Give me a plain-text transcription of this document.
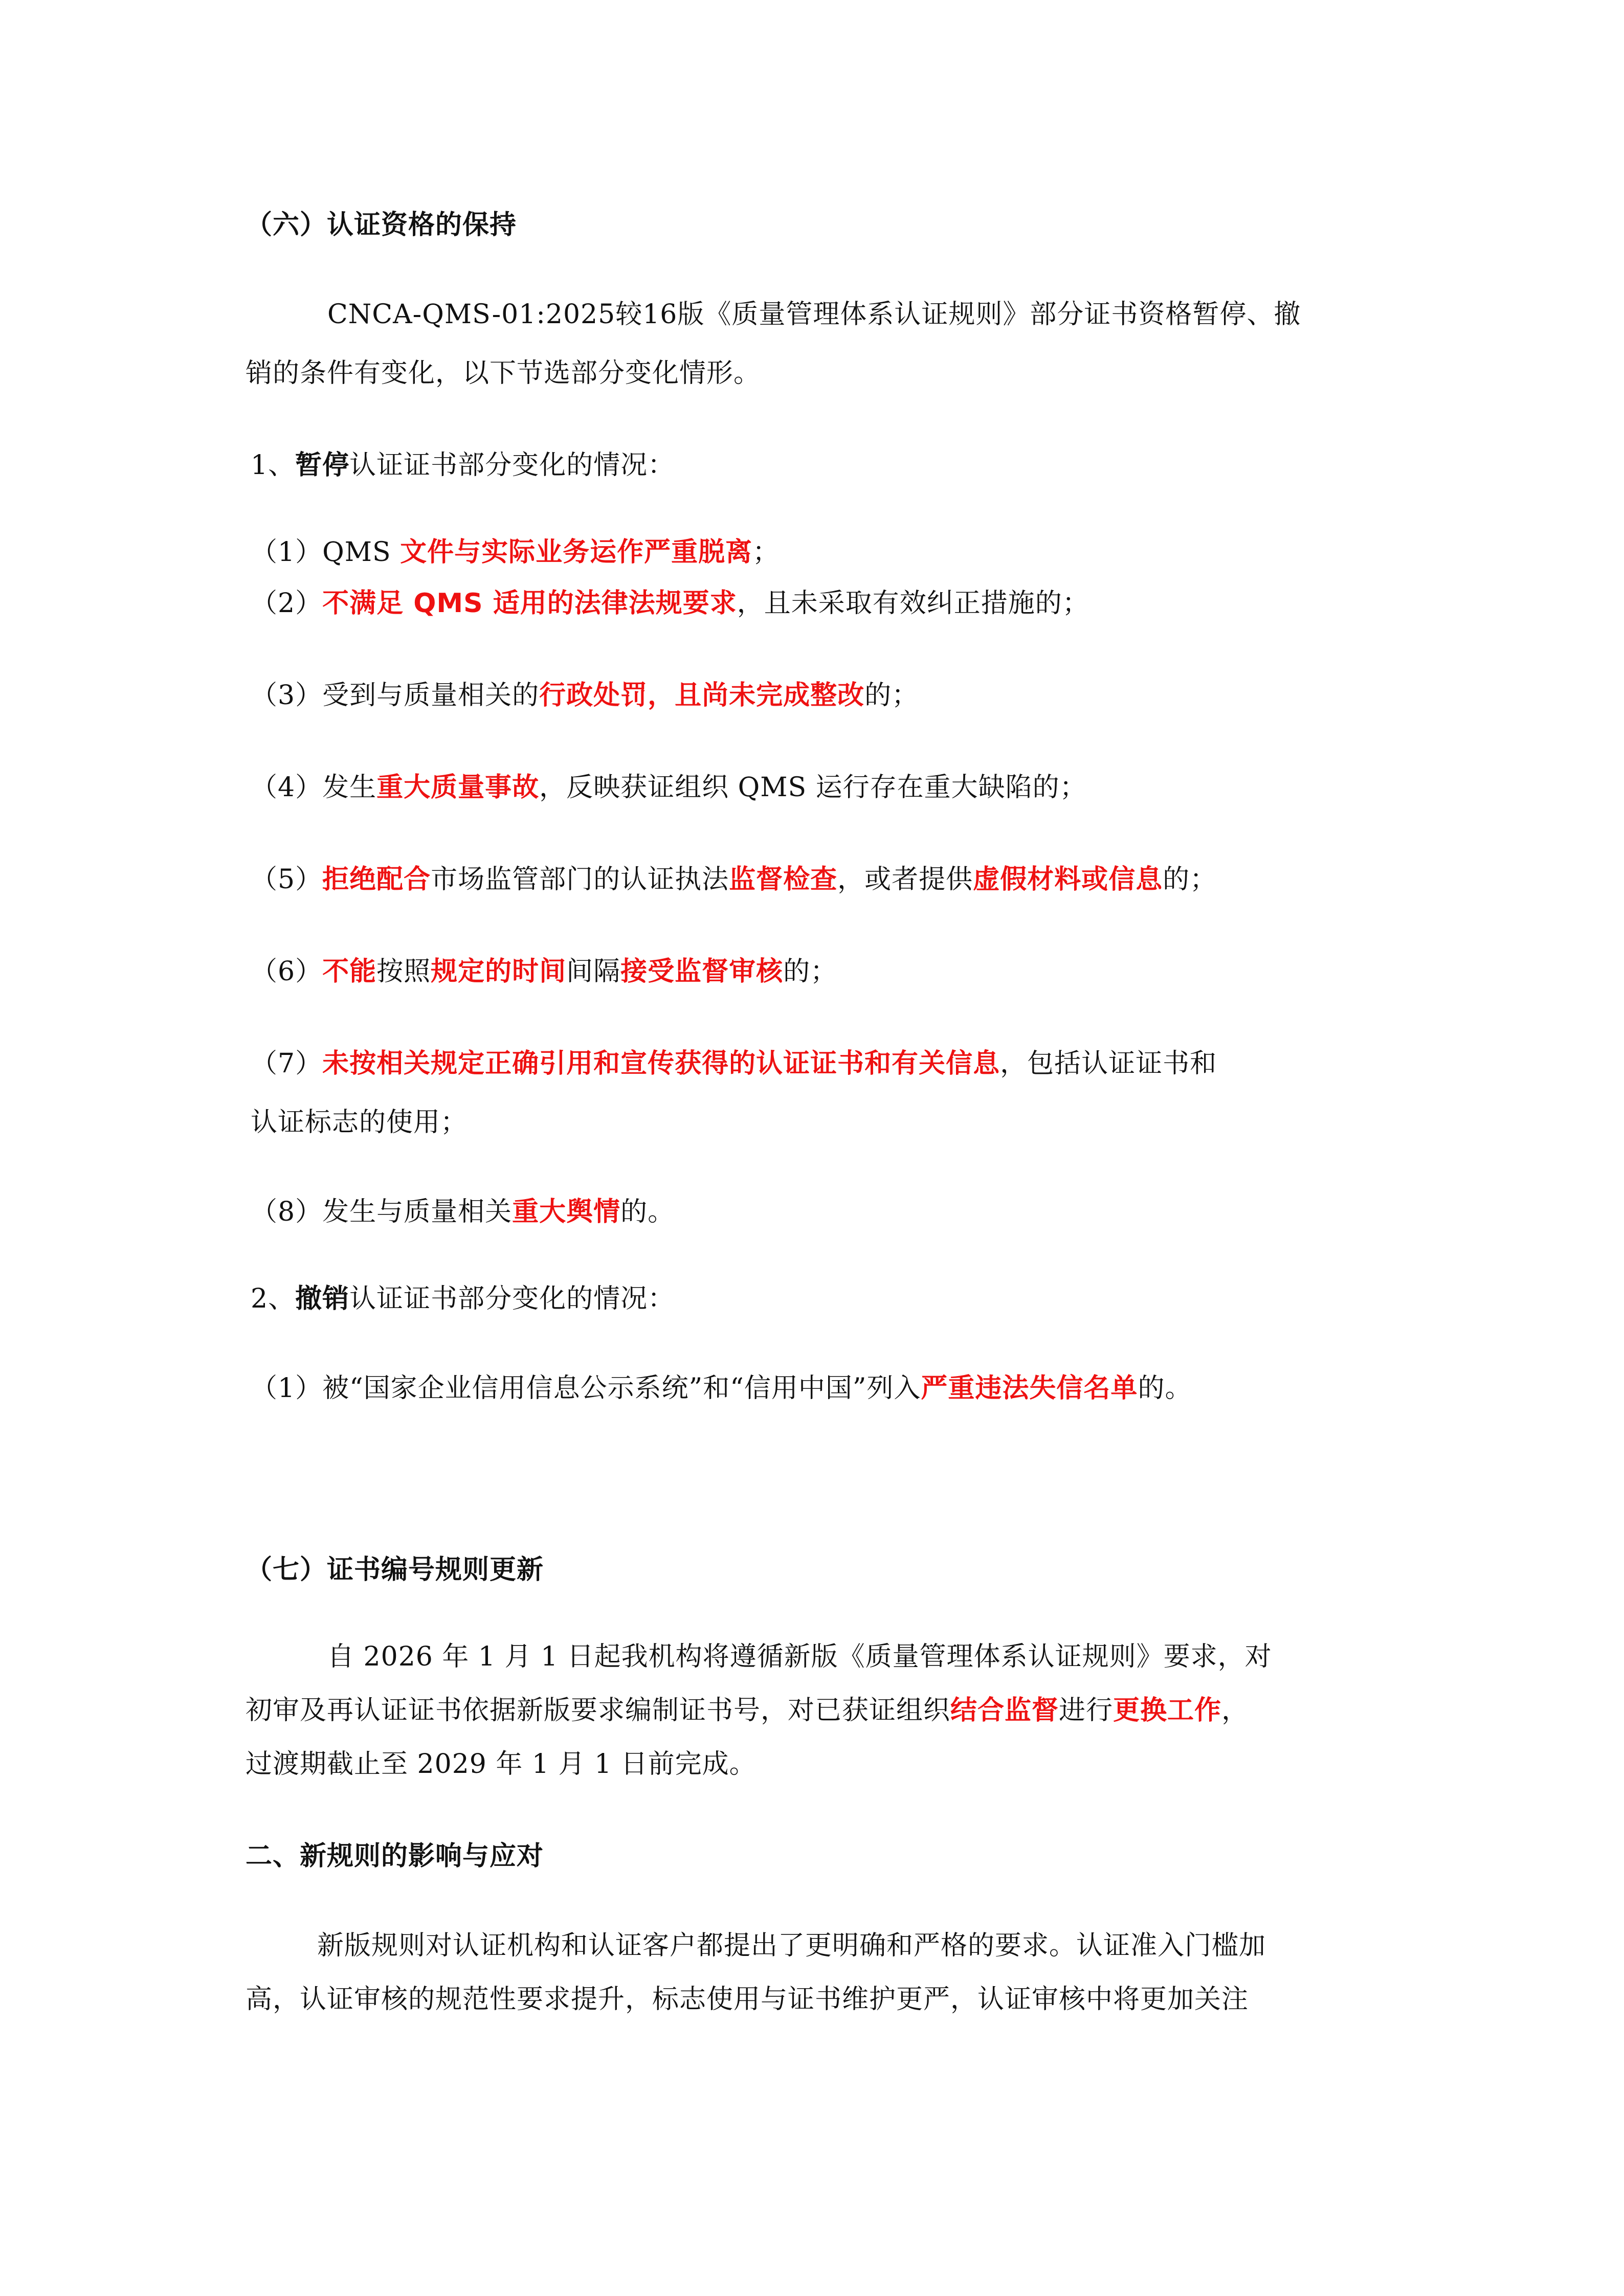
（六）认证资格的保持
CNCA-QMS-01:2025较16版《质量管理体系认证规则》部分证书资格暂停、撤
销的条件有变化，以下节选部分变化情形。
1、暂停认证证书部分变化的情况：
（1）QMS 文件与实际业务运作严重脱离；
（2）不满足 QMS 适用的法律法规要求，且未采取有效纠正措施的；
（3）受到与质量相关的行政处罚，且尚未完成整改的；
（4）发生重大质量事故，反映获证组织 QMS 运行存在重大缺陷的；
（5）拒绝配合市场监管部门的认证执法监督检查，或者提供虚假材料或信息的；
（6）不能按照规定的时间间隔接受监督审核的；
（7）未按相关规定正确引用和宣传获得的认证证书和有关信息，包括认证证书和
认证标志的使用；
（8）发生与质量相关重大舆情的。
2、撤销认证证书部分变化的情况：
（1）被“国家企业信用信息公示系统”和“信用中国”列入严重违法失信名单的。
（七）证书编号规则更新
自 2026 年 1 月 1 日起我机构将遵循新版《质量管理体系认证规则》要求，对
初审及再认证证书依据新版要求编制证书号，对已获证组织结合监督进行更换工作，
过渡期截止至 2029 年 1 月 1 日前完成。
二、新规则的影响与应对
新版规则对认证机构和认证客户都提出了更明确和严格的要求。认证准入门槛加
高，认证审核的规范性要求提升，标志使用与证书维护更严，认证审核中将更加关注
